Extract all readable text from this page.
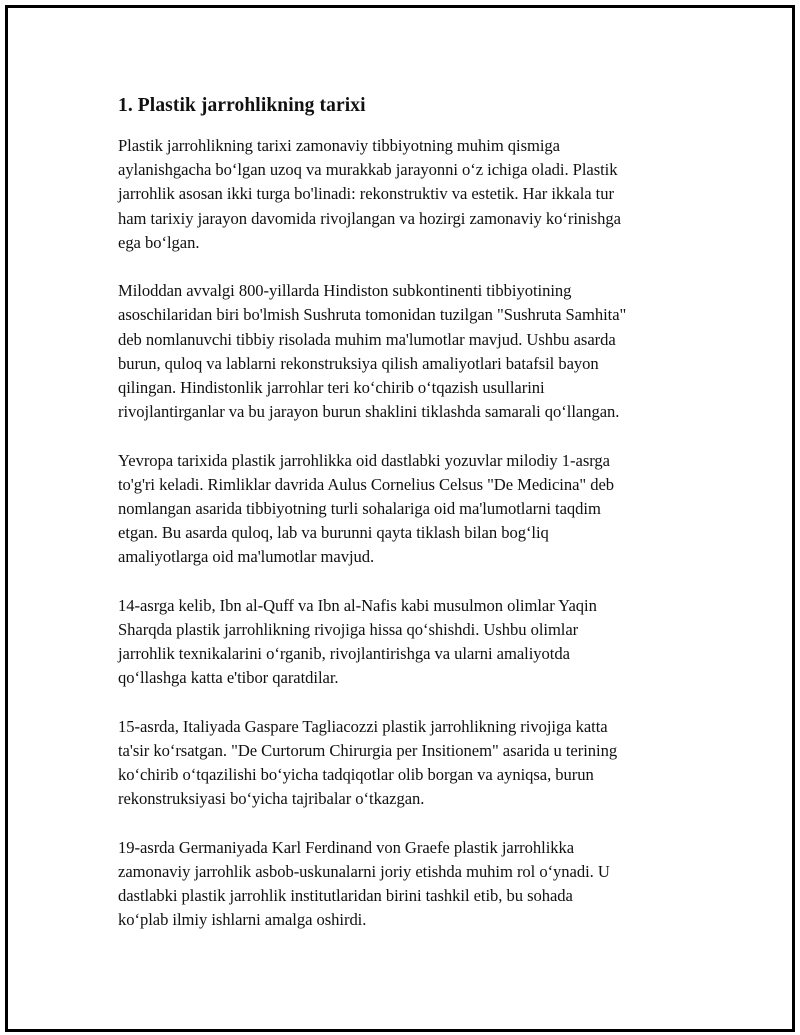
1. Plastik jarrohlikning tarixi

Plastik jarrohlikning tarixi zamonaviy tibbiyotning muhim qismiga
aylanishgacha bo‘lgan uzoq va murakkab jarayonni o‘z ichiga oladi. Plastik
jarrohlik asosan ikki turga bo'linadi: rekonstruktiv va estetik. Har ikkala tur
ham tarixiy jarayon davomida rivojlangan va hozirgi zamonaviy ko‘rinishga
ega bo‘lgan.

Miloddan avvalgi 800-yillarda Hindiston subkontinenti tibbiyotining
asoschilaridan biri bo'lmish Sushruta tomonidan tuzilgan "Sushruta Samhita"
deb nomlanuvchi tibbiy risolada muhim ma'lumotlar mavjud. Ushbu asarda
burun, quloq va lablarni rekonstruksiya qilish amaliyotlari batafsil bayon
qilingan. Hindistonlik jarrohlar teri ko‘chirib o‘tqazish usullarini
rivojlantirganlar va bu jarayon burun shaklini tiklashda samarali qo‘llangan.

Yevropa tarixida plastik jarrohlikka oid dastlabki yozuvlar milodiy 1-asrga
to'g'ri keladi. Rimliklar davrida Aulus Cornelius Celsus "De Medicina" deb
nomlangan asarida tibbiyotning turli sohalariga oid ma'lumotlarni taqdim
etgan. Bu asarda quloq, lab va burunni qayta tiklash bilan bog‘liq
amaliyotlarga oid ma'lumotlar mavjud.

14-asrga kelib, Ibn al-Quff va Ibn al-Nafis kabi musulmon olimlar Yaqin
Sharqda plastik jarrohlikning rivojiga hissa qo‘shishdi. Ushbu olimlar
jarrohlik texnikalarini o‘rganib, rivojlantirishga va ularni amaliyotda
qo‘llashga katta e'tibor qaratdilar.

15-asrda, Italiyada Gaspare Tagliacozzi plastik jarrohlikning rivojiga katta
ta'sir ko‘rsatgan. "De Curtorum Chirurgia per Insitionem" asarida u terining
ko‘chirib o‘tqazilishi bo‘yicha tadqiqotlar olib borgan va ayniqsa, burun
rekonstruksiyasi bo‘yicha tajribalar o‘tkazgan.

19-asrda Germaniyada Karl Ferdinand von Graefe plastik jarrohlikka
zamonaviy jarrohlik asbob-uskunalarni joriy etishda muhim rol o‘ynadi. U
dastlabki plastik jarrohlik institutlaridan birini tashkil etib, bu sohada
ko‘plab ilmiy ishlarni amalga oshirdi.
